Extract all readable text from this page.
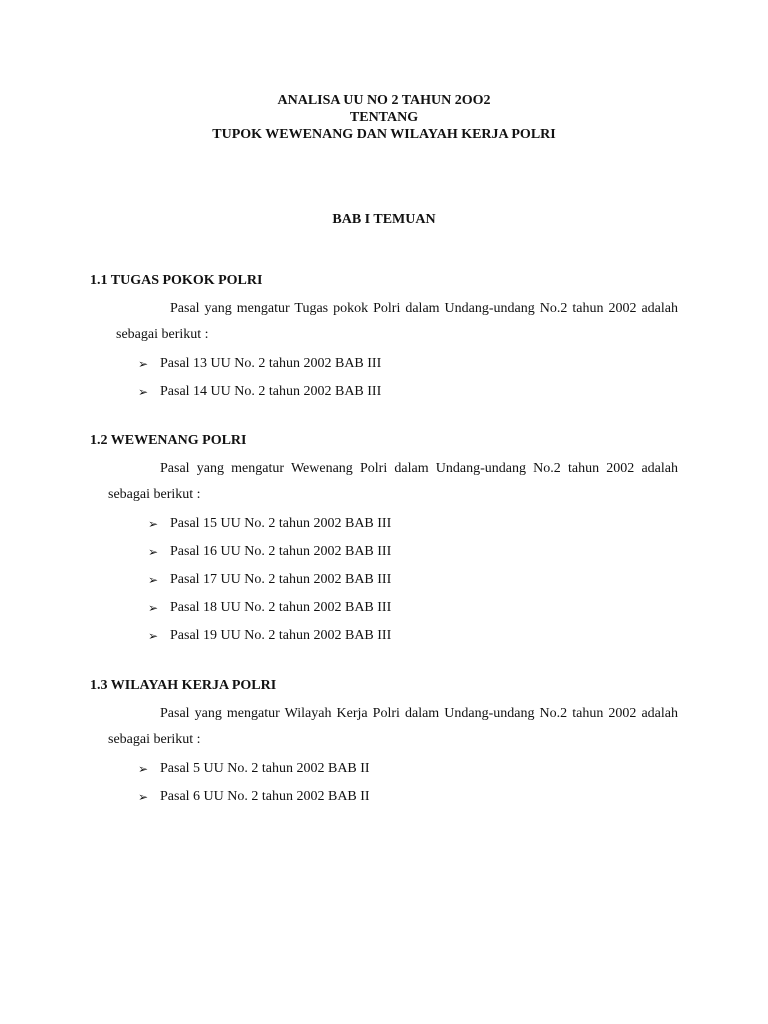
ANALISA UU NO 2 TAHUN 2OO2
TENTANG
TUPOK WEWENANG DAN WILAYAH KERJA POLRI
BAB I TEMUAN

1.1 TUGAS POKOK POLRI

Pasal yang mengatur Tugas pokok Polri dalam Undang-undang No.2 tahun 2002 adalah sebagai berikut :

➢ Pasal 13 UU No. 2 tahun 2002 BAB III
➢ Pasal 14 UU No. 2 tahun 2002 BAB III

1.2 WEWENANG POLRI

Pasal yang mengatur Wewenang Polri dalam Undang-undang No.2 tahun 2002 adalah sebagai berikut :

➢ Pasal 15 UU No. 2 tahun 2002 BAB III
➢ Pasal 16 UU No. 2 tahun 2002 BAB III
➢ Pasal 17 UU No. 2 tahun 2002 BAB III
➢ Pasal 18 UU No. 2 tahun 2002 BAB III
➢ Pasal 19 UU No. 2 tahun 2002 BAB III

1.3 WILAYAH KERJA POLRI

Pasal yang mengatur Wilayah Kerja Polri dalam Undang-undang No.2 tahun 2002 adalah sebagai berikut :

➢ Pasal 5 UU No. 2 tahun 2002 BAB II
➢ Pasal 6 UU No. 2 tahun 2002 BAB II
